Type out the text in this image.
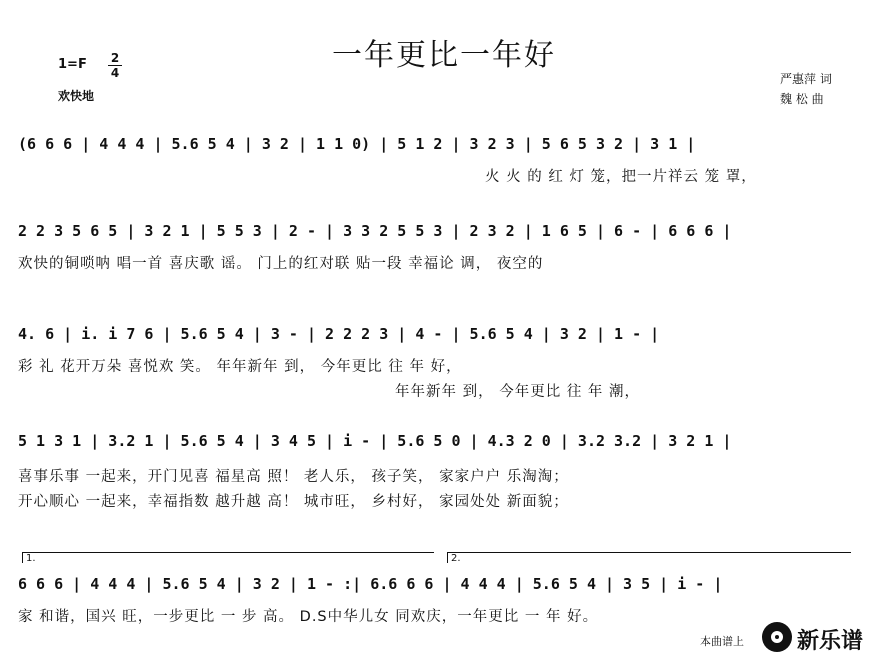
一年更比一年好
1=F 2
4
欢快地
严惠萍 词
魏 松 曲
(6 6 6 | 4 4 4 | 5.6 5 4 | 3 2 | 1 1 0) | 5 1 2 | 3 2 3 | 5 6 5 3 2 | 3 1 |
火 火 的 红 灯 笼，把一片祥云 笼 罩，
2 2 3 5 6 5 | 3 2 1 | 5 5 3 | 2 - | 3 3 2 5 5 3 | 2 3 2 | 1 6 5 | 6 - | 6 6 6 |
欢快的铜唢呐 唱一首 喜庆歌 谣。 门上的红对联 贴一段 幸福论 调， 夜空的
4. 6 | i. i 7 6 | 5.6 5 4 | 3 - | 2 2 2 3 | 4 - | 5.6 5 4 | 3 2 | 1 - |
彩 礼 花开万朵 喜悦欢 笑。 年年新年 到， 今年更比 往 年 好，
年年新年 到， 今年更比 往 年 潮，
5 1 3 1 | 3.2 1 | 5.6 5 4 | 3 4 5 | i - | 5.6 5 0 | 4.3 2 0 | 3.2 3.2 | 3 2 1 |
喜事乐事 一起来，开门见喜 福星高 照！ 老人乐， 孩子笑， 家家户户 乐淘淘；
开心顺心 一起来，幸福指数 越升越 高！ 城市旺， 乡村好， 家园处处 新面貌；
1.	2.
6 6 6 | 4 4 4 | 5.6 5 4 | 3 2 | 1 - :| 6.6 6 6 | 4 4 4 | 5.6 5 4 | 3 5 | i - |
家 和谐，国兴 旺，一步更比 一 步 高。 D.S中华儿女 同欢庆，一年更比 一 年 好。
本曲谱上 新乐谱
